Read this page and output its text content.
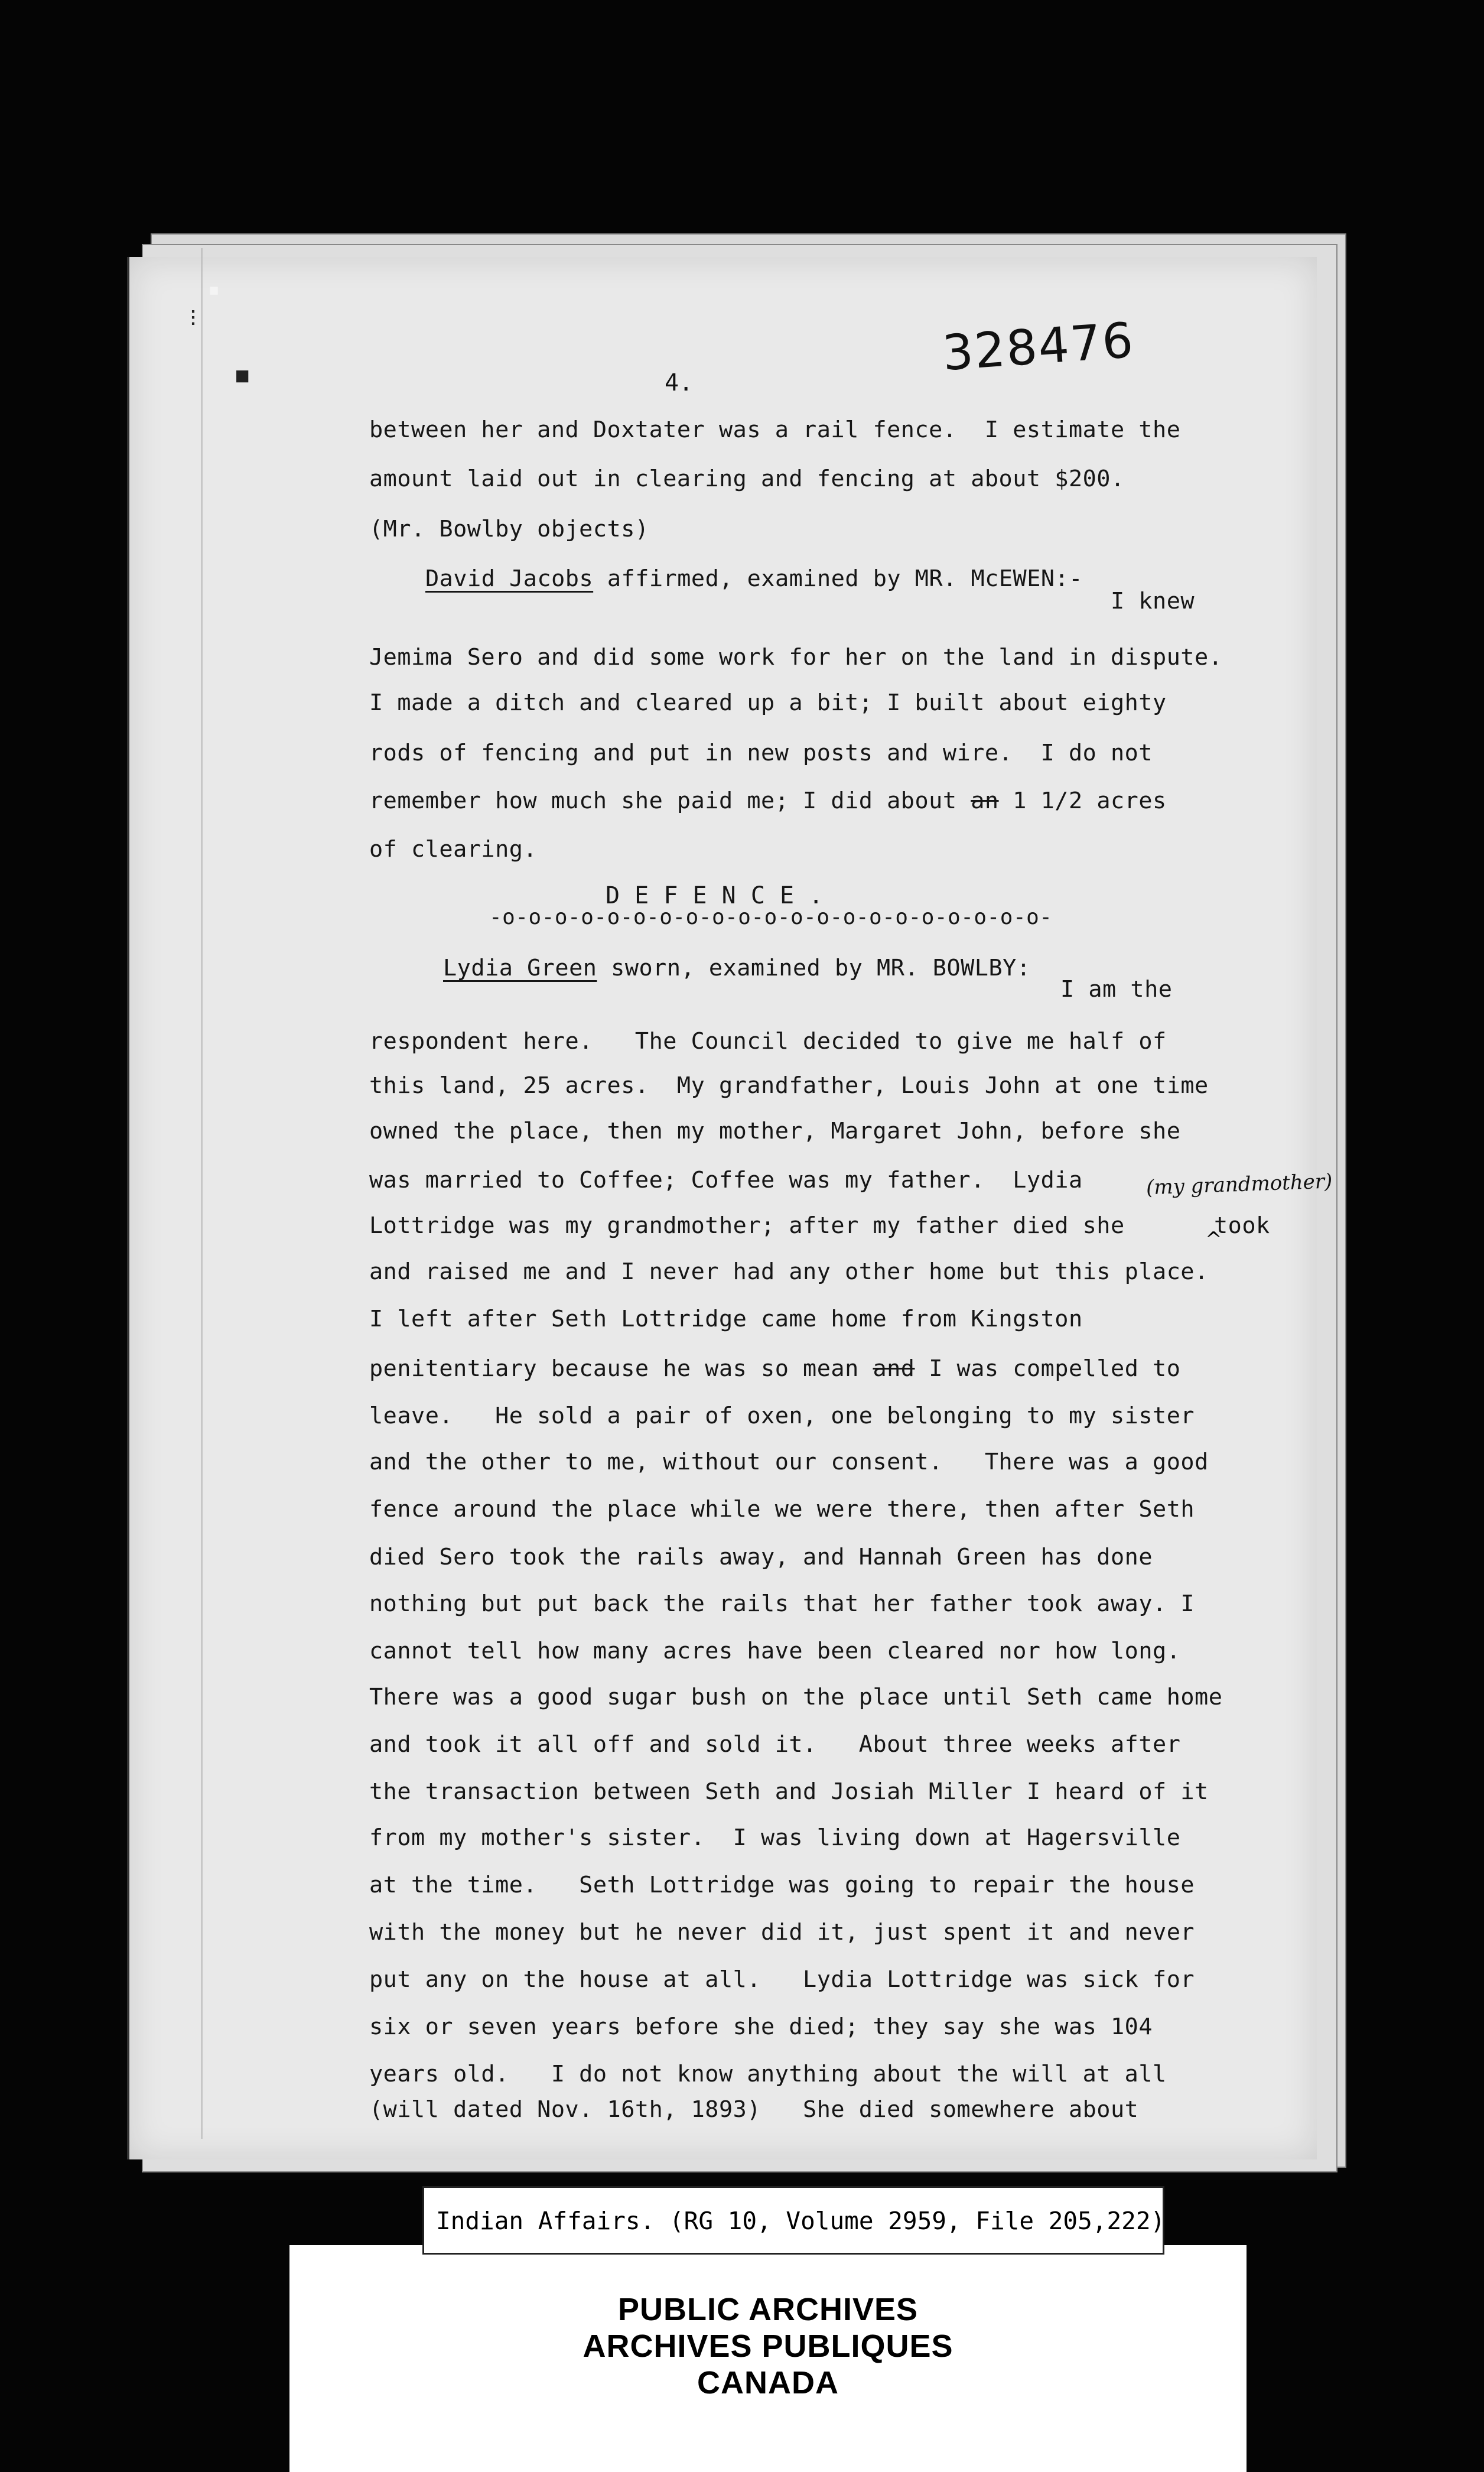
▪
⋮
■	328476
4.
between her and Doxtater was a rail fence.  I estimate the
amount laid out in clearing and fencing at about $200.
(Mr. Bowlby objects)
David Jacobs affirmed, examined by MR. McEWEN:-
I knew
Jemima Sero and did some work for her on the land in dispute.
I made a ditch and cleared up a bit; I built about eighty
rods of fencing and put in new posts and wire.  I do not
remember how much she paid me; I did about an 1 1/2 acres
of clearing.
D E F E N C E .
-o-o-o-o-o-o-o-o-o-o-o-o-o-o-o-o-o-o-o-o-o-
Lydia Green sworn, examined by MR. BOWLBY:
I am the
respondent here.   The Council decided to give me half of
this land, 25 acres.  My grandfather, Louis John at one time
owned the place, then my mother, Margaret John, before she
was married to Coffee; Coffee was my father.  Lydia	(my grandmother)
Lottridge was my grandmother; after my father died she
^
took
and raised me and I never had any other home but this place.
I left after Seth Lottridge came home from Kingston
penitentiary because he was so mean and I was compelled to
leave.   He sold a pair of oxen, one belonging to my sister
and the other to me, without our consent.   There was a good
fence around the place while we were there, then after Seth
died Sero took the rails away, and Hannah Green has done
nothing but put back the rails that her father took away. I
cannot tell how many acres have been cleared nor how long.
There was a good sugar bush on the place until Seth came home
and took it all off and sold it.   About three weeks after
the transaction between Seth and Josiah Miller I heard of it
from my mother's sister.  I was living down at Hagersville
at the time.   Seth Lottridge was going to repair the house
with the money but he never did it, just spent it and never
put any on the house at all.   Lydia Lottridge was sick for
six or seven years before she died; they say she was 104
years old.   I do not know anything about the will at all
(will dated Nov. 16th, 1893)   She died somewhere about
PUBLIC ARCHIVES
ARCHIVES PUBLIQUES
CANADA
Indian Affairs. (RG 10, Volume 2959, File 205,222)
